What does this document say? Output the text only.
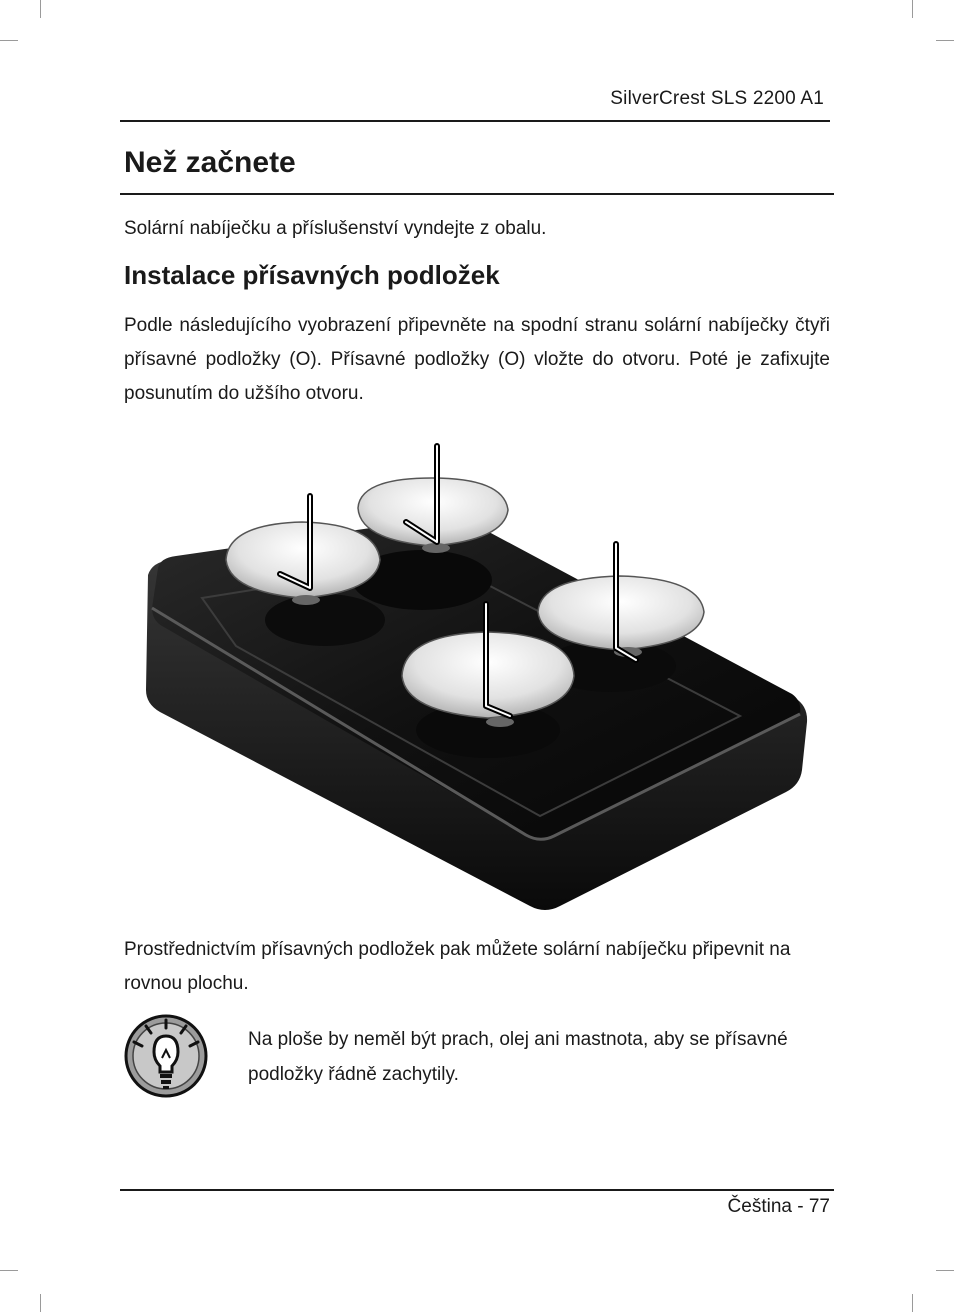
SilverCrest SLS 2200 A1
Než začnete

Solární nabíječku a příslušenství vyndejte z obalu.

Instalace přísavných podložek

Podle následujícího vyobrazení připevněte na spodní stranu solární nabíječky čtyři přísavné podložky (O). Přísavné podložky (O) vložte do otvoru. Poté je zafixujte posunutím do užšího otvoru.

Prostřednictvím přísavných podložek pak můžete solární nabíječku připevnit na rovnou plochu.

Na ploše by neměl být prach, olej ani mastnota, aby se přísavné podložky řádně zachytily.

Čeština - 77
